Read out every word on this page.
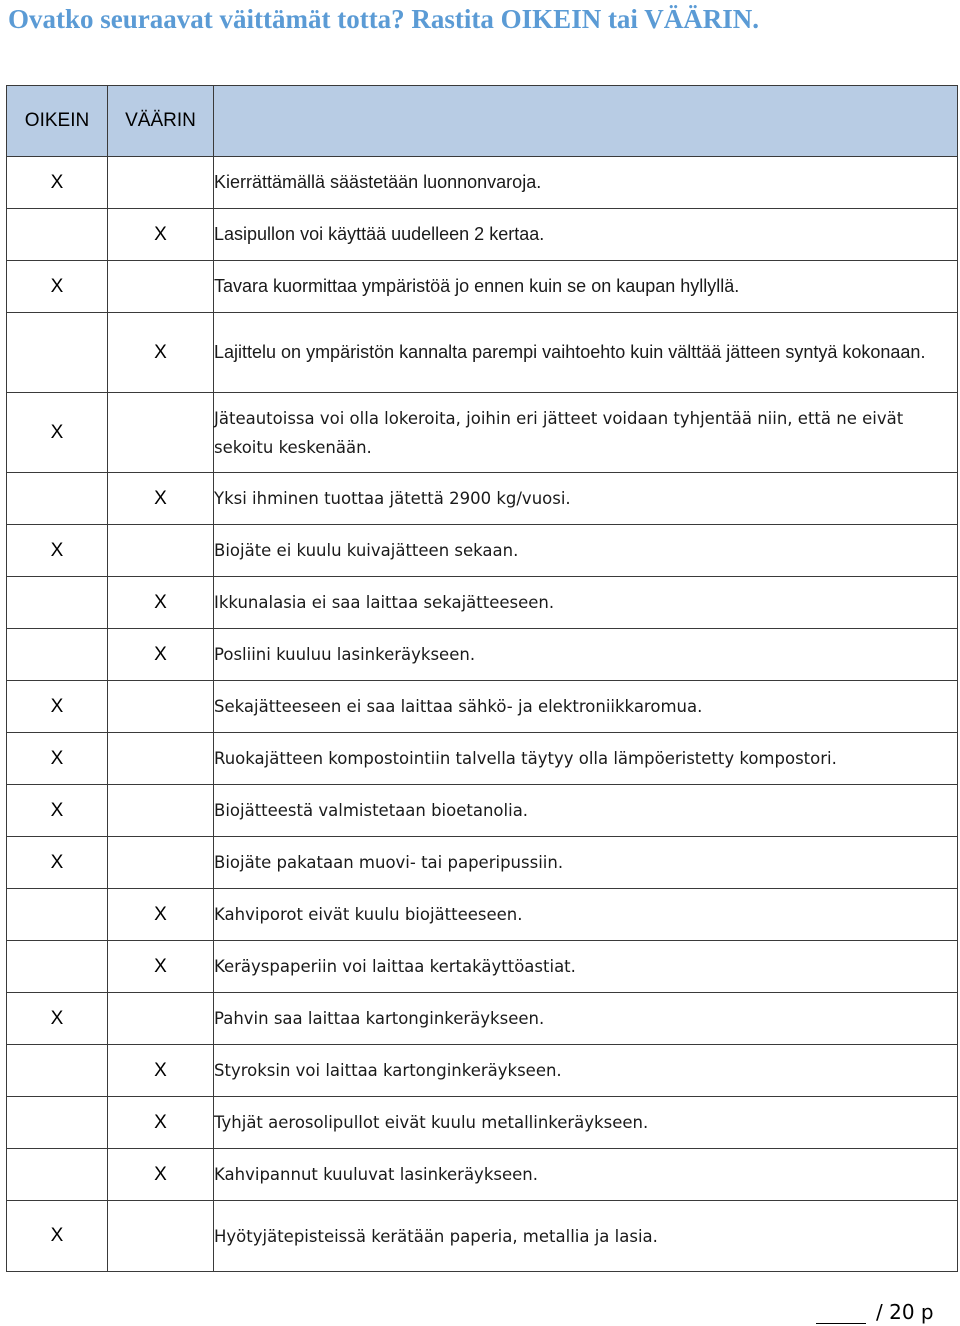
Ovatko seuraavat väittämät totta? Rastita OIKEIN tai VÄÄRIN.
OIKEIN	VÄÄRIN	
X		Kierrättämällä säästetään luonnonvaroja.
	X	Lasipullon voi käyttää uudelleen 2 kertaa.
X		Tavara kuormittaa ympäristöä jo ennen kuin se on kaupan hyllyllä.
	X	Lajittelu on ympäristön kannalta parempi vaihtoehto kuin välttää jätteen syntyä kokonaan.
X		Jäteautoissa voi olla lokeroita, joihin eri jätteet voidaan tyhjentää niin, että ne eivät sekoitu keskenään.
	X	Yksi ihminen tuottaa jätettä 2900 kg/vuosi.
X		Biojäte ei kuulu kuivajätteen sekaan.
	X	Ikkunalasia ei saa laittaa sekajätteeseen.
	X	Posliini kuuluu lasinkeräykseen.
X		Sekajätteeseen ei saa laittaa sähkö- ja elektroniikkaromua.
X		Ruokajätteen kompostointiin talvella täytyy olla lämpöeristetty kompostori.
X		Biojätteestä valmistetaan bioetanolia.
X		Biojäte pakataan muovi- tai paperipussiin.
	X	Kahviporot eivät kuulu biojätteeseen.
	X	Keräyspaperiin voi laittaa kertakäyttöastiat.
X		Pahvin saa laittaa kartonginkeräykseen.
	X	Styroksin voi laittaa kartonginkeräykseen.
	X	Tyhjät aerosolipullot eivät kuulu metallinkeräykseen.
	X	Kahvipannut kuuluvat lasinkeräykseen.
X		Hyötyjätepisteissä kerätään paperia, metallia ja lasia.
/ 20 p
